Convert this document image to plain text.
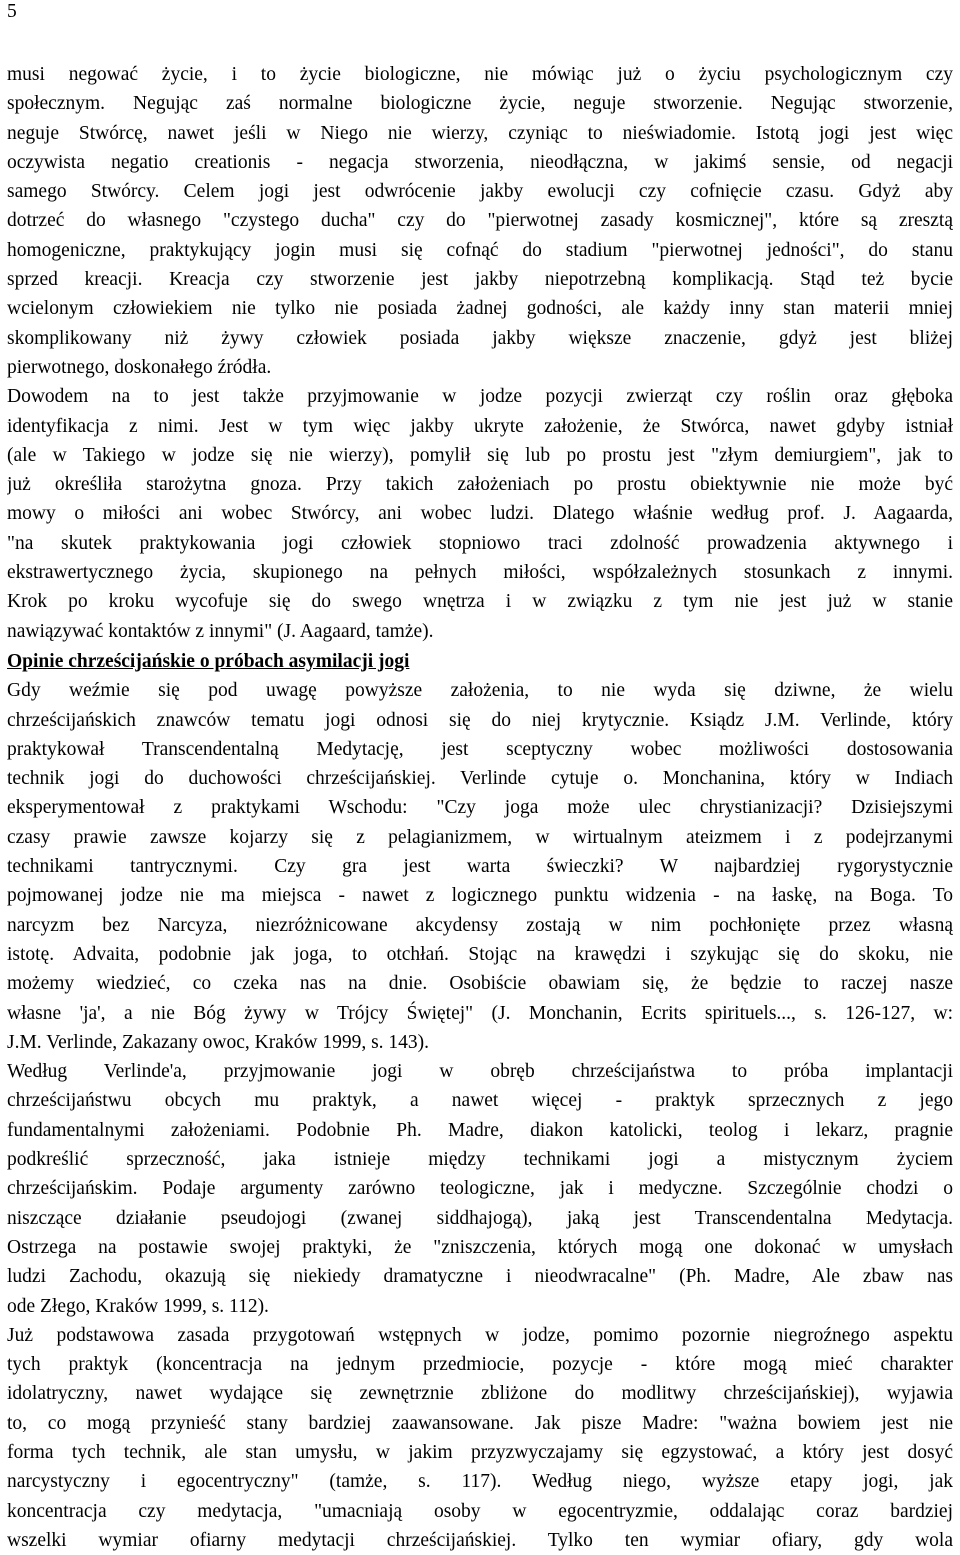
5
musi negować życie, i to życie biologiczne, nie mówiąc już o życiu psychologicznym czy
społecznym. Negując zaś normalne biologiczne życie, neguje stworzenie. Negując stworzenie,
neguje Stwórcę, nawet jeśli w Niego nie wierzy, czyniąc to nieświadomie. Istotą jogi jest więc
oczywista negatio creationis - negacja stworzenia, nieodłączna, w jakimś sensie, od negacji
samego Stwórcy. Celem jogi jest odwrócenie jakby ewolucji czy cofnięcie czasu. Gdyż aby
dotrzeć do własnego "czystego ducha" czy do "pierwotnej zasady kosmicznej", które są zresztą
homogeniczne, praktykujący jogin musi się cofnąć do stadium "pierwotnej jedności", do stanu
sprzed kreacji. Kreacja czy stworzenie jest jakby niepotrzebną komplikacją. Stąd też bycie
wcielonym człowiekiem nie tylko nie posiada żadnej godności, ale każdy inny stan materii mniej
skomplikowany niż żywy człowiek posiada jakby większe znaczenie, gdyż jest bliżej
pierwotnego, doskonałego źródła.
Dowodem na to jest także przyjmowanie w jodze pozycji zwierząt czy roślin oraz głęboka
identyfikacja z nimi. Jest w tym więc jakby ukryte założenie, że Stwórca, nawet gdyby istniał
(ale w Takiego w jodze się nie wierzy), pomylił się lub po prostu jest "złym demiurgiem", jak to
już określiła starożytna gnoza. Przy takich założeniach po prostu obiektywnie nie może być
mowy o miłości ani wobec Stwórcy, ani wobec ludzi. Dlatego właśnie według prof. J. Aagaarda,
"na skutek praktykowania jogi człowiek stopniowo traci zdolność prowadzenia aktywnego i
ekstrawertycznego życia, skupionego na pełnych miłości, współzależnych stosunkach z innymi.
Krok po kroku wycofuje się do swego wnętrza i w związku z tym nie jest już w stanie
nawiązywać kontaktów z innymi" (J. Aagaard, tamże).
Opinie chrześcijańskie o próbach asymilacji jogi
Gdy weźmie się pod uwagę powyższe założenia, to nie wyda się dziwne, że wielu
chrześcijańskich znawców tematu jogi odnosi się do niej krytycznie. Ksiądz J.M. Verlinde, który
praktykował Transcendentalną Medytację, jest sceptyczny wobec możliwości dostosowania
technik jogi do duchowości chrześcijańskiej. Verlinde cytuje o. Monchanina, który w Indiach
eksperymentował z praktykami Wschodu: "Czy joga może ulec chrystianizacji? Dzisiejszymi
czasy prawie zawsze kojarzy się z pelagianizmem, w wirtualnym ateizmem i z podejrzanymi
technikami tantrycznymi. Czy gra jest warta świeczki? W najbardziej rygorystycznie
pojmowanej jodze nie ma miejsca - nawet z logicznego punktu widzenia - na łaskę, na Boga. To
narcyzm bez Narcyza, niezróżnicowane akcydensy zostają w nim pochłonięte przez własną
istotę. Advaita, podobnie jak joga, to otchłań. Stojąc na krawędzi i szykując się do skoku, nie
możemy wiedzieć, co czeka nas na dnie. Osobiście obawiam się, że będzie to raczej nasze
własne 'ja', a nie Bóg żywy w Trójcy Świętej" (J. Monchanin, Ecrits spirituels..., s. 126-127, w:
J.M. Verlinde, Zakazany owoc, Kraków 1999, s. 143).
Według Verlinde'a, przyjmowanie jogi w obręb chrześcijaństwa to próba implantacji
chrześcijaństwu obcych mu praktyk, a nawet więcej - praktyk sprzecznych z jego
fundamentalnymi założeniami. Podobnie Ph. Madre, diakon katolicki, teolog i lekarz, pragnie
podkreślić sprzeczność, jaka istnieje między technikami jogi a mistycznym życiem
chrześcijańskim. Podaje argumenty zarówno teologiczne, jak i medyczne. Szczególnie chodzi o
niszczące działanie pseudojogi (zwanej siddhajogą), jaką jest Transcendentalna Medytacja.
Ostrzega na postawie swojej praktyki, że "zniszczenia, których mogą one dokonać w umysłach
ludzi Zachodu, okazują się niekiedy dramatyczne i nieodwracalne" (Ph. Madre, Ale zbaw nas
ode Złego, Kraków 1999, s. 112).
Już podstawowa zasada przygotowań wstępnych w jodze, pomimo pozornie niegroźnego aspektu
tych praktyk (koncentracja na jednym przedmiocie, pozycje - które mogą mieć charakter
idolatryczny, nawet wydające się zewnętrznie zbliżone do modlitwy chrześcijańskiej), wyjawia
to, co mogą przynieść stany bardziej zaawansowane. Jak pisze Madre: "ważna bowiem jest nie
forma tych technik, ale stan umysłu, w jakim przyzwyczajamy się egzystować, a który jest dosyć
narcystyczny i egocentryczny" (tamże, s. 117). Według niego, wyższe etapy jogi, jak
koncentracja czy medytacja, "umacniają osoby w egocentryzmie, oddalając coraz bardziej
wszelki wymiar ofiarny medytacji chrześcijańskiej. Tylko ten wymiar ofiary, gdy wola
